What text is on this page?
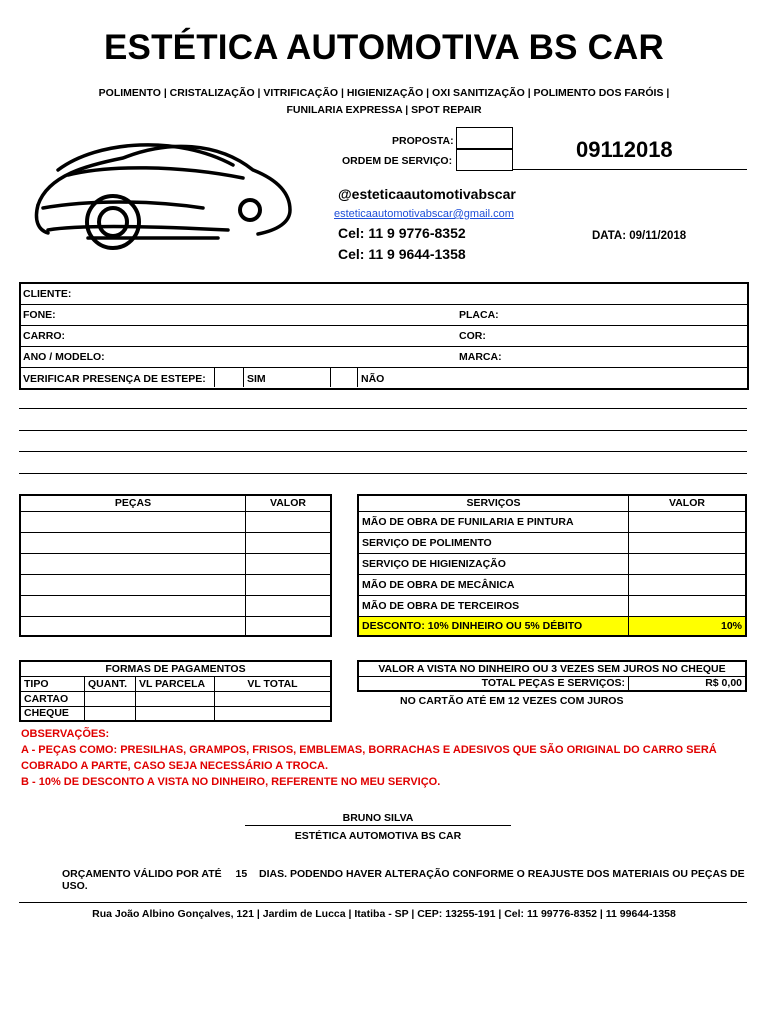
ESTÉTICA AUTOMOTIVA BS CAR
POLIMENTO | CRISTALIZAÇÃO | VITRIFICAÇÃO | HIGIENIZAÇÃO | OXI SANITIZAÇÃO | POLIMENTO DOS FARÓIS |
FUNILARIA EXPRESSA | SPOT REPAIR
PROPOSTA:
ORDEM DE SERVIÇO:	09112018
@esteticaautomotivabscar
esteticaautomotivabscar@gmail.com
Cel: 11 9 9776-8352
Cel: 11 9 9644-1358
DATA: 09/11/2018
CLIENTE:
FONE:	PLACA:
CARRO:	COR:
ANO / MODELO:	MARCA:
VERIFICAR PRESENÇA DE ESTEPE:	SIM	NÃO
PEÇAS	VALOR

		SERVIÇOS	VALOR
MÃO DE OBRA DE FUNILARIA E PINTURA	
SERVIÇO DE POLIMENTO	
SERVIÇO DE HIGIENIZAÇÃO	
MÃO DE OBRA DE MECÂNICA	
MÃO DE OBRA DE TERCEIROS	
DESCONTO: 10% DINHEIRO OU 5% DÉBITO	10%
FORMAS DE PAGAMENTOS			
TIPO	QUANT.	VL PARCELA	VL TOTAL
CARTAO			
CHEQUE			
VALOR A VISTA NO DINHEIRO OU 3 VEZES SEM JUROS NO CHEQUE
TOTAL PEÇAS E SERVIÇOS:	R$ 0,00
NO CARTÃO ATÉ EM 12 VEZES COM JUROS
OBSERVAÇÕES:
A - PEÇAS COMO: PRESILHAS, GRAMPOS, FRISOS, EMBLEMAS, BORRACHAS E ADESIVOS QUE SÃO ORIGINAL DO CARRO SERÁ
COBRADO A PARTE, CASO SEJA NECESSÁRIO A TROCA.
B - 10% DE DESCONTO A VISTA NO DINHEIRO, REFERENTE NO MEU SERVIÇO.
BRUNO SILVA
ESTÉTICA AUTOMOTIVA BS CAR
ORÇAMENTO VÁLIDO POR ATÉ 15 DIAS. PODENDO HAVER ALTERAÇÃO CONFORME O REAJUSTE DOS MATERIAIS OU PEÇAS DE USO.
Rua João Albino Gonçalves, 121 | Jardim de Lucca | Itatiba - SP | CEP: 13255-191 | Cel: 11 99776-8352 | 11 99644-1358
